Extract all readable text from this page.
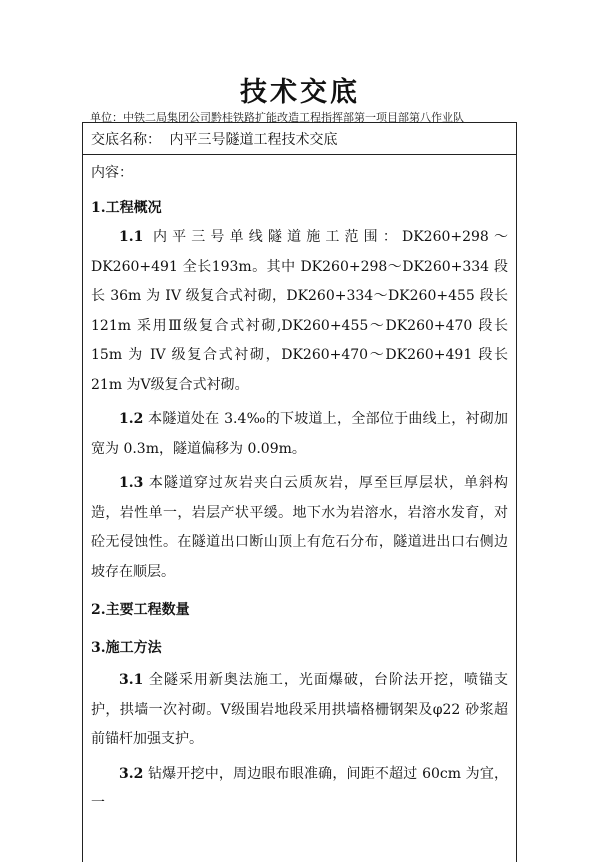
技术交底
单位：中铁二局集团公司黔桂铁路扩能改造工程指挥部第一项目部第八作业队
交底名称： 内平三号隧道工程技术交底
内容：
1.工程概况

1.1 内平三号单线隧道施工范围：DK260+298～DK260+491 全长193m。其中 DK260+298～DK260+334 段长 36m 为 IV 级复合式衬砌，DK260+334～DK260+455 段长 121m 采用Ⅲ级复合式衬砌,DK260+455～DK260+470 段长 15m 为 IV 级复合式衬砌，DK260+470～DK260+491 段长 21m 为Ⅴ级复合式衬砌。

1.2 本隧道处在 3.4‰的下坡道上，全部位于曲线上，衬砌加宽为 0.3m，隧道偏移为 0.09m。

1.3 本隧道穿过灰岩夹白云质灰岩，厚至巨厚层状，单斜构造，岩性单一，岩层产状平缓。地下水为岩溶水，岩溶水发育，对砼无侵蚀性。在隧道出口断山顶上有危石分布，隧道进出口右侧边坡存在顺层。

2.主要工程数量
3.施工方法

3.1 全隧采用新奥法施工，光面爆破，台阶法开挖，喷锚支护，拱墙一次衬砌。Ⅴ级围岩地段采用拱墙格栅钢架及φ22 砂浆超前锚杆加强支护。

3.2 钻爆开挖中，周边眼布眼准确，间距不超过 60cm 为宜，一
